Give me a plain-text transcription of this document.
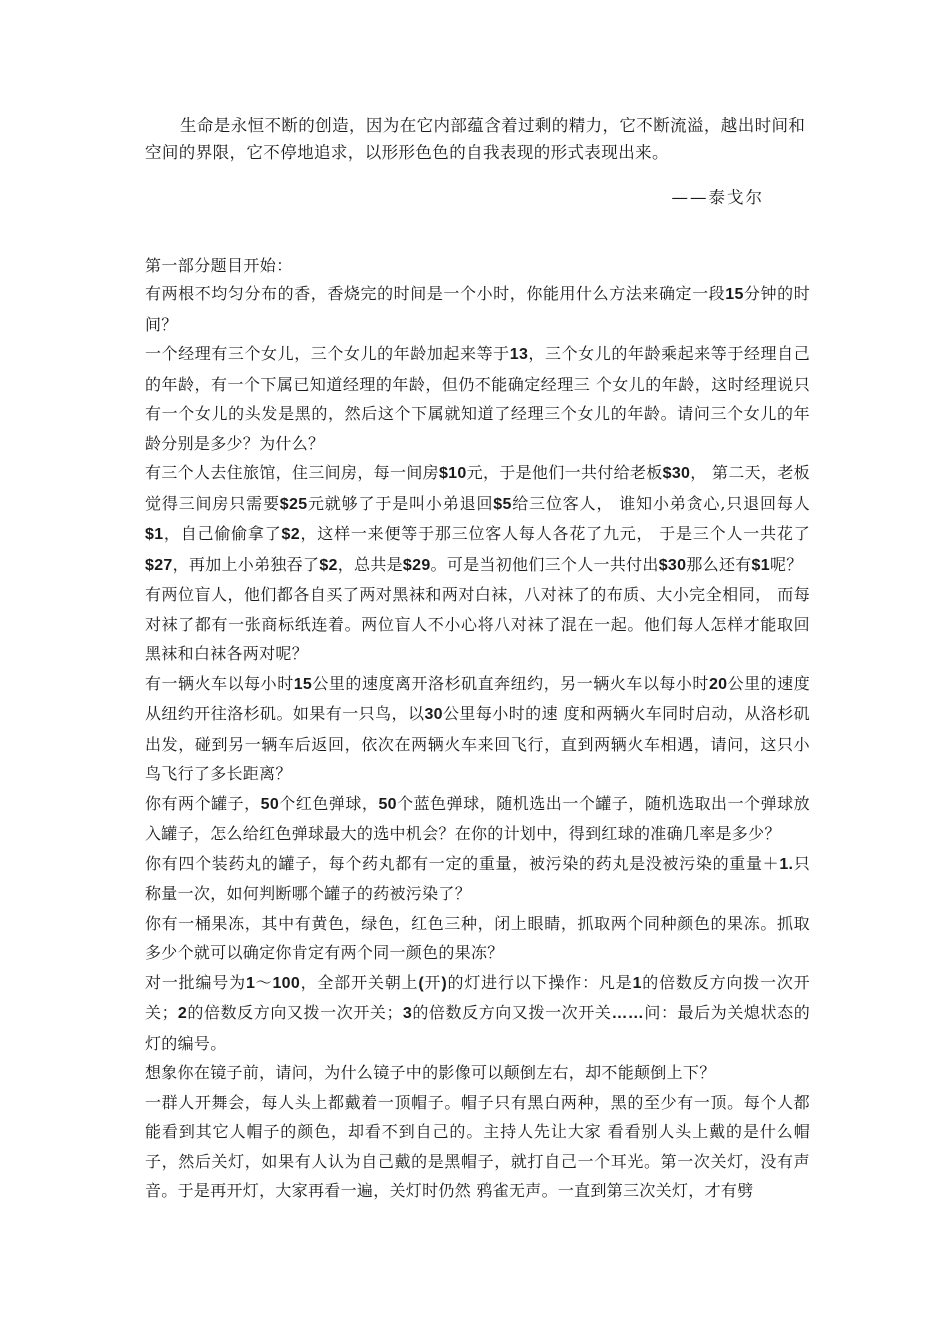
生命是永恒不断的创造，因为在它内部蕴含着过剩的精力，它不断流溢，越出时间和空间的界限，它不停地追求，以形形色色的自我表现的形式表现出来。

——泰戈尔

第一部分题目开始：

有两根不均匀分布的香，香烧完的时间是一个小时，你能用什么方法来确定一段15分钟的时间？

一个经理有三个女儿，三个女儿的年龄加起来等于13，三个女儿的年龄乘起来等于经理自己的年龄，有一个下属已知道经理的年龄，但仍不能确定经理三 个女儿的年龄，这时经理说只有一个女儿的头发是黑的，然后这个下属就知道了经理三个女儿的年龄。请问三个女儿的年龄分别是多少？为什么？

有三个人去住旅馆，住三间房，每一间房$10元，于是他们一共付给老板$30， 第二天，老板觉得三间房只需要$25元就够了于是叫小弟退回$5给三位客人， 谁知小弟贪心,只退回每人$1，自己偷偷拿了$2，这样一来便等于那三位客人每人各花了九元， 于是三个人一共花了$27，再加上小弟独吞了$2，总共是$29。可是当初他们三个人一共付出$30那么还有$1呢？

有两位盲人，他们都各自买了两对黑袜和两对白袜，八对袜了的布质、大小完全相同， 而每对袜了都有一张商标纸连着。两位盲人不小心将八对袜了混在一起。他们每人怎样才能取回黑袜和白袜各两对呢？

有一辆火车以每小时15公里的速度离开洛杉矶直奔纽约，另一辆火车以每小时20公里的速度从纽约开往洛杉矶。如果有一只鸟，以30公里每小时的速 度和两辆火车同时启动，从洛杉矶出发，碰到另一辆车后返回，依次在两辆火车来回飞行，直到两辆火车相遇，请问，这只小鸟飞行了多长距离？

你有两个罐子，50个红色弹球，50个蓝色弹球，随机选出一个罐子，随机选取出一个弹球放入罐子，怎么给红色弹球最大的选中机会？在你的计划中，得到红球的准确几率是多少？

你有四个装药丸的罐子，每个药丸都有一定的重量，被污染的药丸是没被污染的重量＋1.只称量一次，如何判断哪个罐子的药被污染了？

你有一桶果冻，其中有黄色，绿色，红色三种，闭上眼睛，抓取两个同种颜色的果冻。抓取多少个就可以确定你肯定有两个同一颜色的果冻？

对一批编号为1～100，全部开关朝上(开)的灯进行以下操作：凡是1的倍数反方向拨一次开关；2的倍数反方向又拨一次开关；3的倍数反方向又拨一次开关……问：最后为关熄状态的灯的编号。

想象你在镜子前，请问，为什么镜子中的影像可以颠倒左右，却不能颠倒上下？

一群人开舞会，每人头上都戴着一顶帽子。帽子只有黑白两种，黑的至少有一顶。每个人都能看到其它人帽子的颜色，却看不到自己的。主持人先让大家 看看别人头上戴的是什么帽子，然后关灯，如果有人认为自己戴的是黑帽子，就打自己一个耳光。第一次关灯，没有声音。于是再开灯，大家再看一遍，关灯时仍然 鸦雀无声。一直到第三次关灯，才有劈
